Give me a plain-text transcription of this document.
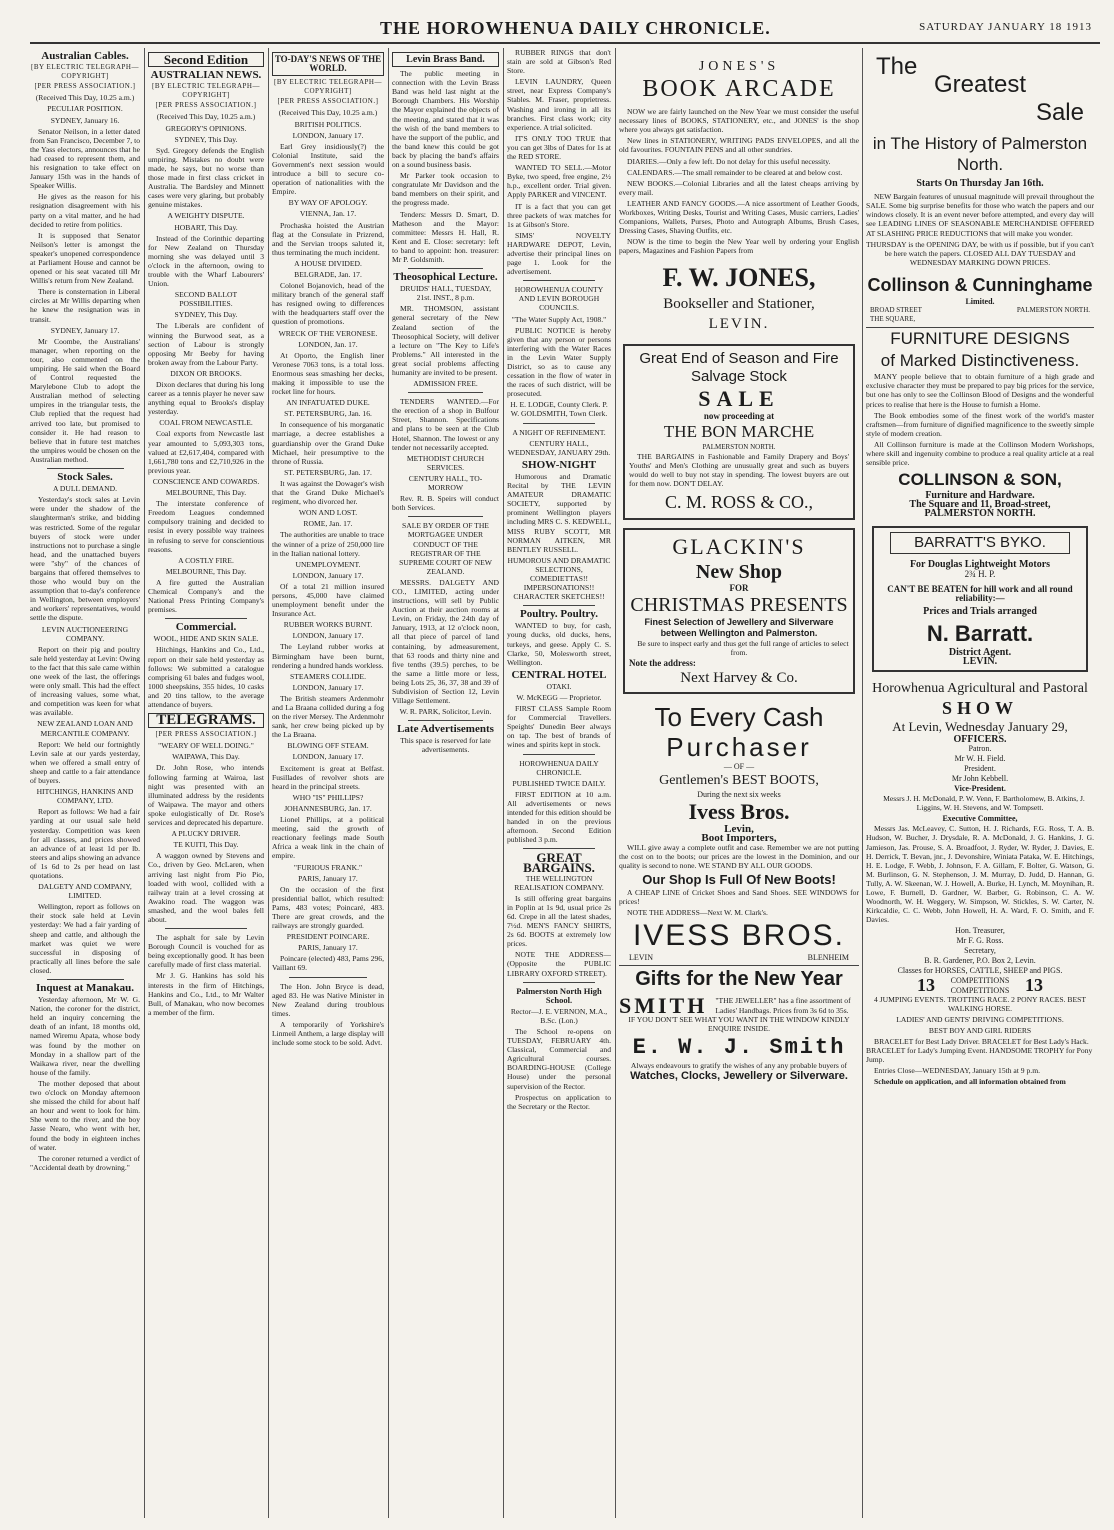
THE HOROWHENUA DAILY CHRONICLE.	SATURDAY JANUARY 18 1913
Australian Cables.
[BY ELECTRIC TELEGRAPH—COPYRIGHT]
[PER PRESS ASSOCIATION.]
(Received This Day, 10.25 a.m.)
PECULIAR POSITION.
SYDNEY, January 16.

Senator Neilson, in a letter dated from San Francisco, December 7, to the Yass electors, announces that he had ceased to represent them, and his resignation to take effect on January 15th was in the hands of Speaker Willis.

He gives as the reason for his resignation disagreement with his party on a vital matter, and he had decided to retire from politics.

It is supposed that Senator Neilson's letter is amongst the speaker's unopened correspondence at Parliament House and cannot be opened or his seat vacated till Mr Willis's return from New Zealand.

There is consternation in Liberal circles at Mr Willis departing when he knew the resignation was in transit.

SYDNEY, January 17.

Mr Coombe, the Australians' manager, when reporting on the tour, also commented on the umpiring. He said when the Board of Control requested the Marylebone Club to adopt the Australian method of selecting umpires in the triangular tests, the Club replied that the request had arrived too late, but promised to consider it. He had reason to believe that in future test matches the umpires would be chosen on the Australian method.

Stock Sales.
A DULL DEMAND.

Yesterday's stock sales at Levin were under the shadow of the slaughterman's strike, and bidding was restricted. Some of the regular buyers of stock were under instructions not to purchase a single head, and the unattached buyers were "shy" of the chances of bargains that offered themselves to those who would buy on the assumption that to-day's conference in Wellington, between employers' and workers' representatives, would settle the dispute.

LEVIN AUCTIONEERING COMPANY.

Report on their pig and poultry sale held yesterday at Levin: Owing to the fact that this sale came within one week of the last, the offerings were only small. This had the effect of increasing values, some what, and competition was keen for what was available.

NEW ZEALAND LOAN AND MERCANTILE COMPANY.

Report: We held our fortnightly Levin sale at our yards yesterday, when we offered a small entry of sheep and cattle to a fair attendance of buyers.

HITCHINGS, HANKINS AND COMPANY, LTD.

Report as follows: We had a fair yarding at our usual sale held yesterday. Competition was keen for all classes, and prices showed an advance of at least 1d per lb. steers and alips showing an advance of 1s 6d to 2s per head on last quotations.

DALGETY AND COMPANY, LIMITED.

Wellington, report as follows on their stock sale held at Levin yesterday: We had a fair yarding of sheep and cattle, and although the market was quiet we were successful in disposing of practically all lines before the sale closed.

Inquest at Manakau.

Yesterday afternoon, Mr W. G. Nation, the coroner for the district, held an inquiry concerning the death of an infant, 18 months old, named Wiremu Apata, whose body was found by the mother on Monday in a shallow part of the Waikawa river, near the dwelling house of the family.

The mother deposed that about two o'clock on Monday afternoon she missed the child for about half an hour and went to look for him. She went to the river, and the boy Jasse Nearo, who went with her, found the body in eighteen inches of water.

The coroner returned a verdict of "Accidental death by drowning."

Second Edition
AUSTRALIAN NEWS.
[BY ELECTRIC TELEGRAPH—COPYRIGHT]
[PER PRESS ASSOCIATION.]
(Received This Day, 10.25 a.m.)
GREGORY'S OPINIONS.
SYDNEY, This Day.

Syd. Gregory defends the English umpiring. Mistakes no doubt were made, he says, but no worse than those made in first class cricket in Australia. The Bardsley and Minnett cases were very glaring, but probably genuine mistakes.

A WEIGHTY DISPUTE.
HOBART, This Day.

Instead of the Corinthic departing for New Zealand on Thursday morning she was delayed until 3 o'clock in the afternoon, owing to trouble with the Wharf Labourers' Union.

SECOND BALLOT POSSIBILITIES.
SYDNEY, This Day.

The Liberals are confident of winning the Burwood seat, as a section of Labour is strongly opposing Mr Beeby for having broken away from the Labour Party.

DIXON OR BROOKS.

Dixon declares that during his long career as a tennis player he never saw anything equal to Brooks's display yesterday.

COAL FROM NEWCASTLE.

Coal exports from Newcastle last year amounted to 5,093,303 tons, valued at £2,617,404, compared with 1,661,780 tons and £2,710,926 in the previous year.

CONSCIENCE AND COWARDS.
MELBOURNE, This Day.

The interstate conference of Freedom Leagues condemned compulsory training and decided to resist in every possible way trainees in refusing to serve for conscientious reasons.

A COSTLY FIRE.
MELBOURNE, This Day.

A fire gutted the Australian Chemical Company's and the National Press Printing Company's premises.

Commercial.
WOOL, HIDE AND SKIN SALE.

Hitchings, Hankins and Co., Ltd., report on their sale held yesterday as follows: We submitted a catalogue comprising 61 bales and fudges wool, 1000 sheepskins, 355 hides, 10 casks and 20 tins tallow, to the average attendance of buyers.

TELEGRAMS.
[PER PRESS ASSOCIATION.]
"WEARY OF WELL DOING."
WAIPAWA, This Day.

Dr. John Rose, who intends following farming at Wairoa, last night was presented with an illuminated address by the residents of Waipawa. The mayor and others spoke eulogistically of Dr. Rose's services and deprecated his departure.

A PLUCKY DRIVER.
TE KUITI, This Day.

A waggon owned by Stevens and Co., driven by Geo. McLaren, when arriving last night from Pio Pio, loaded with wool, collided with a railway train at a level crossing at Awakino road. The waggon was smashed, and the wool bales fell about.

The asphalt for sale by Levin Borough Council is vouched for as being exceptionally good. It has been carefully made of first class material.

Mr J. G. Hankins has sold his interests in the firm of Hitchings, Hankins and Co., Ltd., to Mr Walter Bull, of Manakau, who now becomes a member of the firm.

TO-DAY'S NEWS OF THE WORLD.
[BY ELECTRIC TELEGRAPH—COPYRIGHT]
[PER PRESS ASSOCIATION.]
(Received This Day, 10.25 a.m.)
BRITISH POLITICS.
LONDON, January 17.

Earl Grey insidiously(?) the Colonial Institute, said the Government's next session would introduce a bill to secure co-operation of nationalities with the Empire.

BY WAY OF APOLOGY.
VIENNA, Jan. 17.

Prochaska hoisted the Austrian flag at the Consulate in Prizrend, and the Servian troops saluted it, thus terminating the much incident.

A HOUSE DIVIDED.
BELGRADE, Jan. 17.

Colonel Bojanovich, head of the military branch of the general staff has resigned owing to differences with the headquarters staff over the question of promotions.

WRECK OF THE VERONESE.
LONDON, Jan. 17.

At Oporto, the English liner Veronese 7063 tons, is a total loss. Enormous seas smashing her decks, making it impossible to use the rocket line for hours.

AN INFATUATED DUKE.
ST. PETERSBURG, Jan. 16.

In consequence of his morganatic marriage, a decree establishes a guardianship over the Grand Duke Michael, heir presumptive to the throne of Russia.

ST. PETERSBURG, Jan. 17.

It was against the Dowager's wish that the Grand Duke Michael's regiment, who divorced her.

WON AND LOST.
ROME, Jan. 17.

The authorities are unable to trace the winner of a prize of 250,000 lire in the Italian national lottery.

UNEMPLOYMENT.
LONDON, January 17.

Of a total 21 million insured persons, 45,000 have claimed unemployment benefit under the Insurance Act.

RUBBER WORKS BURNT.
LONDON, January 17.

The Leyland rubber works at Birmingham have been burnt, rendering a hundred hands workless.

STEAMERS COLLIDE.
LONDON, January 17.

The British steamers Ardenmohr and La Braana collided during a fog on the river Mersey. The Ardenmohr sank, her crew being picked up by the La Braana.

BLOWING OFF STEAM.
LONDON, January 17.

Excitement is great at Belfast. Fusillades of revolver shots are heard in the principal streets.

WHO "IS" PHILLIPS?
JOHANNESBURG, Jan. 17.

Lionel Phillips, at a political meeting, said the growth of reactionary feelings made South Africa a weak link in the chain of empire.

"FURIOUS FRANK."
PARIS, January 17.

On the occasion of the first presidential ballot, which resulted: Pams, 483 votes; Poincaré, 483. There are great crowds, and the railways are strongly guarded.

PRESIDENT POINCARE.
PARIS, January 17.

Poincare (elected) 483, Pams 296, Vaillant 69.

The Hon. John Bryce is dead, aged 83. He was Native Minister in New Zealand during troublous times.

A temporarily of Yorkshire's Linmeil Anthem, a large display will include some stock to be sold. Advt.

Levin Brass Band.

The public meeting in connection with the Levin Brass Band was held last night at the Borough Chambers. His Worship the Mayor explained the objects of the meeting, and stated that it was the wish of the band members to have the support of the public, and the band knew this could be got back by placing the band's affairs on a sound business basis.

Mr Parker took occasion to congratulate Mr Davidson and the band members on their spirit, and the progress made.

Tenders: Messrs D. Smart, D. Matheson and the Mayor: committee: Messrs H. Hall, R. Kent and E. Close: secretary: left to band to appoint: hon. treasurer: Mr P. Goldsmith.

Theosophical Lecture.
DRUIDS' HALL, TUESDAY, 21st. INST., 8 p.m.

MR. THOMSON, assistant general secretary of the New Zealand section of the Theosophical Society, will deliver a lecture on "The Key to Life's Problems." All interested in the great social problems affecting humanity are invited to be present.

ADMISSION FREE.

TENDERS WANTED.—For the erection of a shop in Bulfour Street, Shannon. Specifications and plans to be seen at the Club Hotel, Shannon. The lowest or any tender not necessarily accepted.

METHODIST CHURCH SERVICES.
CENTURY HALL, TO-MORROW

Rev. R. B. Speirs will conduct both Services.

SALE BY ORDER OF THE MORTGAGEE UNDER CONDUCT OF THE REGISTRAR OF THE SUPREME COURT OF NEW ZEALAND.

MESSRS. DALGETY AND CO., LIMITED, acting under instructions, will sell by Public Auction at their auction rooms at Levin, on Friday, the 24th day of January, 1913, at 12 o'clock noon, all that piece of parcel of land containing, by admeasurement, that 63 roods and thirty nine and five tenths (39.5) perches, to be the same a little more or less, being Lots 25, 36, 37, 38 and 39 of Subdivision of Section 12, Levin Village Settlement.

W. R. PARK, Solicitor, Levin.
Late Advertisements

This space is reserved for late advertisements.

RUBBER RINGS that don't stain are sold at Gibson's Red Store.

LEVIN LAUNDRY, Queen street, near Express Company's Stables. M. Fraser, proprietress. Washing and ironing in all its branches. First class work; city experience. A trial solicited.

IT'S ONLY TOO TRUE that you can get 3lbs of Dates for 1s at the RED STORE.

WANTED TO SELL.—Motor Byke, two speed, free engine, 2½ h.p., excellent order. Trial given. Apply PARKER and VINCENT.

IT is a fact that you can get three packets of wax matches for 1s at Gibson's Store.

SIMS' NOVELTY HARDWARE DEPOT, Levin, advertise their principal lines on page 1. Look for the advertisement.

HOROWHENUA COUNTY AND LEVIN BOROUGH COUNCILS.
"The Water Supply Act, 1908."

PUBLIC NOTICE is hereby given that any person or persons interfering with the Water Races in the Levin Water Supply District, so as to cause any cessation in the flow of water in the races of such district, will be prosecuted.

H. E. LODGE, County Clerk. P. W. GOLDSMITH, Town Clerk.
A NIGHT OF REFINEMENT.
CENTURY HALL, WEDNESDAY, JANUARY 29th.
SHOW-NIGHT

Humorous and Dramatic Recital by THE LEVIN AMATEUR DRAMATIC SOCIETY, supported by prominent Wellington players including MRS C. S. KEDWELL, MISS RUBY SCOTT, MR NORMAN AITKEN, MR BENTLEY RUSSELL.

HUMOROUS AND DRAMATIC SELECTIONS, COMEDIETTAS!! IMPERSONATIONS!! CHARACTER SKETCHES!!

Poultry. Poultry.

WANTED to buy, for cash, young ducks, old ducks, hens, turkeys, and geese. Apply C. S. Clarke, 50, Molesworth street, Wellington.

CENTRAL HOTEL
OTAKI.
W. McKEGG — Proprietor.

FIRST CLASS Sample Room for Commercial Travellers. Speights' Dunedin Beer always on tap. The best of brands of wines and spirits kept in stock.

HOROWHENUA DAILY CHRONICLE.
PUBLISHED TWICE DAILY.

FIRST EDITION at 10 a.m. All advertisements or news intended for this edition should be handed in on the previous afternoon. Second Edition published 3 p.m.

GREAT BARGAINS.
THE WELLINGTON REALISATION COMPANY.

Is still offering great bargains in Poplin at 1s 9d, usual price 2s 6d. Crepe in all the latest shades, 7½d. MEN'S FANCY SHIRTS, 2s 6d. BOOTS at extremely low prices.

NOTE THE ADDRESS—(Opposite the PUBLIC LIBRARY OXFORD STREET).

Palmerston North High School.
Rector—J. E. VERNON, M.A., B.Sc. (Lon.)

The School re-opens on TUESDAY, FEBRUARY 4th. Classical, Commercial and Agricultural courses. BOARDING-HOUSE (College House) under the personal supervision of the Rector.

Prospectus on application to the Secretary or the Rector.

JONES'S
BOOK ARCADE

NOW we are fairly launched on the New Year we must consider the useful necessary lines of BOOKS, STATIONERY, etc., and JONES' is the shop where you always get satisfaction.

New lines in STATIONERY, WRITING PADS ENVELOPES, and all the old favourites. FOUNTAIN PENS and all other sundries.

DIARIES.—Only a few left. Do not delay for this useful necessity.

CALENDARS.—The small remainder to be cleared at and below cost.

NEW BOOKS.—Colonial Libraries and all the latest cheaps arriving by every mail.

LEATHER AND FANCY GOODS.—A nice assortment of Leather Goods, Workboxes, Writing Desks, Tourist and Writing Cases, Music carriers, Ladies' Companions, Wallets, Purses, Photo and Autograph Albums, Brush Cases, Dressing Cases, Shaving Outfits, etc.

NOW is the time to begin the New Year well by ordering your English papers, Magazines and Fashion Papers from

F. W. JONES,
Bookseller and Stationer,
LEVIN.
Great End of Season and Fire Salvage Stock
SALE
now proceeding at
THE BON MARCHE
PALMERSTON NORTH.

THE BARGAINS in Fashionable and Family Drapery and Boys' Youths' and Men's Clothing are unusually great and such as buyers would do well to buy not stay in spending. The lowest buyers are out for them now. DON'T DELAY.

C. M. ROSS & CO.,
GLACKIN'S
New Shop
FOR
CHRISTMAS PRESENTS
Finest Selection of Jewellery and Silverware between Wellington and Palmerston.

Be sure to inspect early and thus get the full range of articles to select from.

Note the address:
Next Harvey & Co.
To Every Cash
Purchaser
— OF —
Gentlemen's BEST BOOTS,
During the next six weeks
Ivess Bros.
Levin,
Boot Importers,

WILL give away a complete outfit and case. Remember we are not putting the cost on to the boots; our prices are the lowest in the Dominion, and our quality is second to none. WE STAND BY ALL OUR GOODS.

Our Shop Is Full Of New Boots!

A CHEAP LINE of Cricket Shoes and Sand Shoes. SEE WINDOWS for prices!

NOTE THE ADDRESS—Next W. M. Clark's.

IVESS BROS.
LEVIN	BLENHEIM
Gifts for the New Year
SMITH "THE JEWELLER" has a fine assortment of Ladies' Handbags. Prices from 3s 6d to 35s.

IF YOU DON'T SEE WHAT YOU WANT IN THE WINDOW KINDLY ENQUIRE INSIDE.

E. W. J. Smith

Always endeavours to gratify the wishes of any any probable buyers of

Watches, Clocks, Jewellery or Silverware.
The
Greatest
Sale
in The History of Palmerston North.
Starts On Thursday Jan 16th.

NEW Bargain features of unusual magnitude will prevail throughout the SALE. Some big surprise benefits for those who watch the papers and our windows closely. It is an event never before attempted, and every day will see LEADING LINES OF SEASONABLE MERCHANDISE OFFERED AT SLASHING PRICE REDUCTIONS that will make you wonder.

THURSDAY is the OPENING DAY, be with us if possible, but if you can't be here watch the papers. CLOSED ALL DAY TUESDAY and WEDNESDAY MARKING DOWN PRICES.

Collinson & Cunninghame
Limited.
BROAD STREET	PALMERSTON NORTH.
THE SQUARE,
FURNITURE DESIGNS
of Marked Distinctiveness.

MANY people believe that to obtain furniture of a high grade and exclusive character they must be prepared to pay big prices for the service, but one has only to see the Collinson Blood of Designs and the wonderful prices to realise that here is the House to furnish a Home.

The Book embodies some of the finest work of the world's master craftsmen—from furniture of dignified magnificence to the sweetly simple style of modern creation.

All Collinson furniture is made at the Collinson Modern Workshops, where skill and ingenuity combine to produce a real quality article at a real sensible price.

COLLINSON & SON,
Furniture and Hardware.
The Square and 11, Broad-street,
PALMERSTON NORTH.
BARRATT'S BYKO.
For Douglas Lightweight Motors
2¾ H. P.
CAN'T BE BEATEN for hill work and all round reliability:—
Prices and Trials arranged
N. Barratt.
District Agent.
LEVIN.
Horowhenua Agricultural and Pastoral
SHOW
At Levin, Wednesday January 29,
OFFICERS.
Patron.
Mr W. H. Field.
President.
Mr John Kebbell.
Vice-President.

Messrs J. H. McDonald, P. W. Venn, F. Bartholomew, B. Atkins, J. Liggins, W. H. Stevens, and W. Tompsett.

Executive Committee,

Messrs Jas. McLeavey, C. Sutton, H. J. Richards, F.G. Ross, T. A. B. Hudson, W. Bucher, J. Drysdale, R. A. McDonald, J. G. Hankins, J. G. Jamieson, Jas. Prouse, S. A. Broadfoot, J. Ryder, W. Ryder, J. Davies, E. H. Derrick, T. Bevan, jnr., J. Devonshire, Winiata Pataka, W. E. Hitchings, H. E. Lodge, F. Webb, J. Johnson, F. A. Gillam, F. Bolter, G. Watson, G. M. Burlinson, G. N. Stephenson, J. M. Murray, D. Judd, D. Hannan, G. Tully, A. W. Skeenan, W. J. Howell, A. Burke, H. Lynch, M. Moynihan, R. Lowe, F. Burnell, D. Gardner, W. Barber, G. Robinson, C. A. W. Woodnorth, W. H. Weggery, W. Simpson, W. Stickles, S. W. Carter, N. Kirkcaldie, C. C. Webb, John Howell, H. A. Ward, F. O. Smith, and F. Davies.

Hon. Treasurer,
Mr F. G. Ross.
Secretary,
B. R. Gardener, P.O. Box 2, Levin.
Classes for HORSES, CATTLE, SHEEP and PIGS.
13	COMPETITIONS COMPETITIONS 13

4 JUMPING EVENTS. TROTTING RACE. 2 PONY RACES. BEST WALKING HORSE.

LADIES' AND GENTS' DRIVING COMPETITIONS.

BEST BOY AND GIRL RIDERS

BRACELET for Best Lady Driver. BRACELET for Best Lady's Hack. BRACELET for Lady's Jumping Event. HANDSOME TROPHY for Pony Jump.

Entries Close—WEDNESDAY, January 15th at 9 p.m.

Schedule on application, and all information obtained from
